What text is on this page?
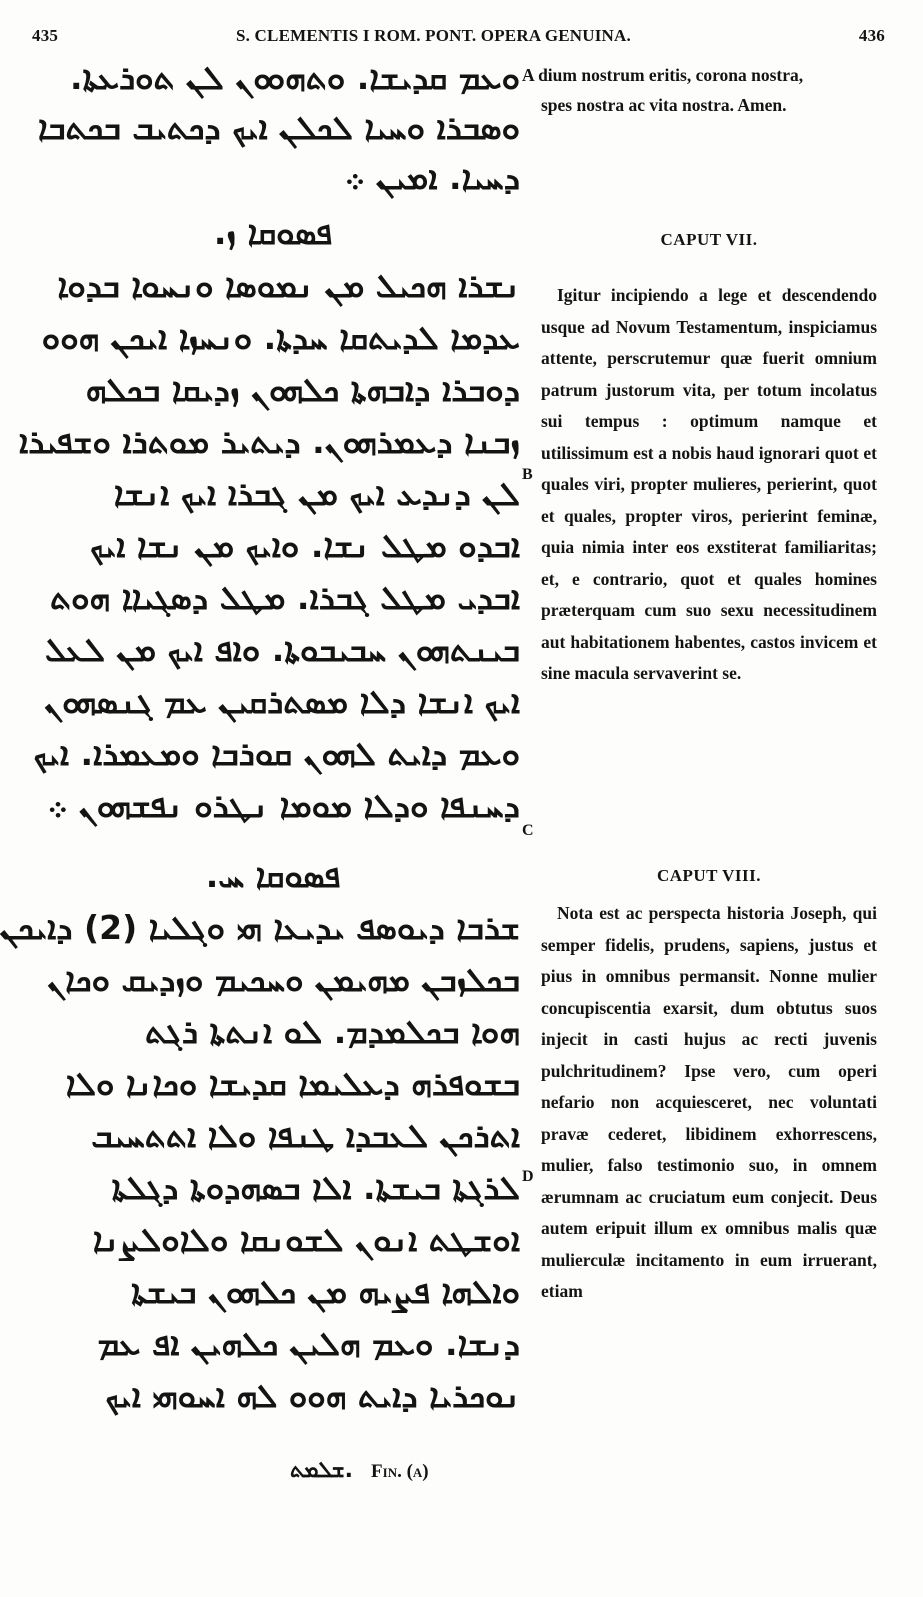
435	S. CLEMENTIS I ROM. PONT. OPERA GENUINA.	436
ܘܥܡ ܩܕܝܫܐ. ܘܬܗܘܘܢ ܠܢ ܬܘܪܥܬܐ.
ܘܣܒܪܐ ܘܚܝܐ ܠܟܠܢ ܐܝܟ ܕܟܬܝܒ ܒܟܬܒܐ
ܕܚܝܐ. ܐܡܝܢ ܀
ܦܣܘܩܐ ܙ.
ܢܫܪܐ ܗܟܝܠ ܡܢ ܢܡܘܣܐ ܘܢܚܘܐ ܒܕܘܐ
ܥܕܡܐ ܠܕܝܬܩܐ ܚܕܬܐ. ܘܢܚܙܐ ܐܝܟܢ ܗܘܘ
ܕܘܒܪܐ ܕܐܒܗܬܐ ܟܠܗܘܢ ܙܕܝܩܐ ܒܟܠܗ
ܙܒܢܐ ܕܥܡܪܗܘܢ. ܕܝܬܝܪ ܡܘܬܪܐ ܘܫܦܝܪܐ
ܠܢ ܕܢܕܥ ܐܝܟ ܡܢ ܓܒܪܐ ܐܝܟ ܐܢܫܐ
ܐܒܕܘ ܡܛܠ ܢܫܐ. ܘܐܝܟ ܡܢ ܢܫܐ ܐܝܟ
ܐܒܕܝ ܡܛܠ ܓܒܪܐ. ܡܛܠ ܕܣܓܝܐܐ ܗܘܬ
ܒܝܢܬܗܘܢ ܚܒܝܒܘܬܐ. ܘܐܦ ܐܝܟ ܡܢ ܠܥܠ
ܐܝܟ ܐܢܫܐ ܕܠܐ ܡܣܬܪܩܝܢ ܥܡ ܓܢܣܗܘܢ
ܘܥܡ ܕܐܝܬ ܠܗܘܢ ܩܘܪܒܐ ܘܡܥܡܪܐ. ܐܝܟ
ܕܚܢܦܐ ܘܕܠܐ ܡܘܡܐ ܢܛܪܘ ܢܦܫܗܘܢ ܀
ܦܣܘܩܐ ܚ.
ܫܪܒܐ ܕܝܘܣܦ ܝܕܝܥܐ ܗܝ ܘܓܠܝܐ (2) ܕܐܝܟܢ
ܒܟܠܙܒܢ ܡܗܝܡܢ ܘܚܟܝܡ ܘܙܕܝܩ ܘܟܐܢ
ܗܘܐ ܒܟܠܡܕܡ. ܠܘ ܐܢܬܬܐ ܪܓܬ
ܒܫܘܦܪܗ ܕܥܠܝܡܐ ܩܕܝܫܐ ܘܟܐܢܐ ܘܠܐ
ܐܬܪܟܢ ܠܥܒܕܐ ܛܢܦܐ ܘܠܐ ܐܬܬܚܝܒ
ܠܪܓܬܐ ܒܝܫܬܐ. ܐܠܐ ܒܣܗܕܘܬܐ ܕܓܠܬܐ
ܐܘܫܛܬ ܐܢܘܢ ܠܫܘܢܩܐ ܘܠܐܘܠܨܢܐ
ܘܐܠܗܐ ܦܨܝܗ ܡܢ ܟܠܗܘܢ ܒܝܫܬܐ
ܕܢܫܐ. ܘܥܡ ܗܠܝܢ ܟܠܗܝܢ ܐܦ ܥܡ
ܢܘܟܪܝܐ ܕܐܝܬ ܗܘܘ ܠܗ ܐܚܘܗܝ ܐܝܟ
B
C
D
A dium nostrum eritis, corona nostra,
spes nostra ac vita nostra. Amen.
CAPUT VII.
Igitur incipiendo a lege et descendendo usque ad Novum Testamentum, inspiciamus attente, perscrutemur quæ fuerit omnium patrum justorum vita, per totum incolatus sui tempus : optimum namque et utilissimum est a nobis haud ignorari quot et quales viri, propter mulieres, perierint, quot et quales, propter viros, perierint feminæ, quia nimia inter eos exstiterat familiaritas; et, e contrario, quot et quales homines præterquam cum suo sexu necessitudinem aut habitationem habentes, castos invicem et sine macula servaverint se.
CAPUT VIII.
Nota est ac perspecta historia Joseph, qui semper fidelis, prudens, sapiens, justus et pius in omnibus permansit. Nonne mulier concupiscentia exarsit, dum obtutus suos injecit in casti hujus ac recti juvenis pulchritudinem? Ipse vero, cum operi nefario non acquiesceret, nec voluntati pravæ cederet, libidinem exhorrescens, mulier, falso testimonio suo, in omnem ærumnam ac cruciatum eum conjecit. Deus autem eripuit illum ex omnibus malis quæ mulierculæ incitamento in eum irruerant, etiam
ܫܠܡܬ. Fin. (a)
